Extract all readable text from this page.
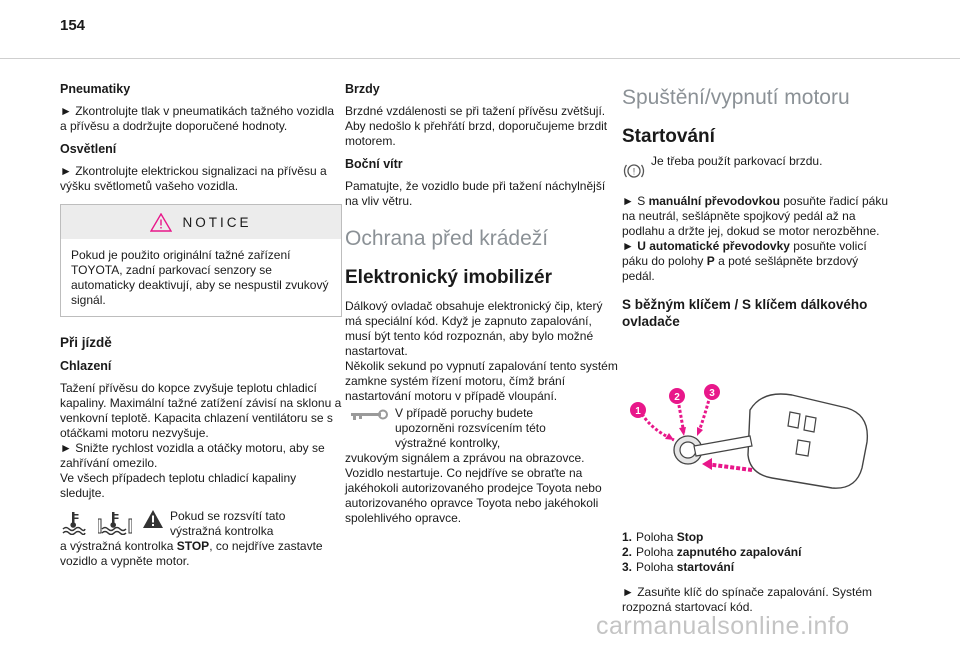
154
Pneumatiky

► Zkontrolujte tlak v pneumatikách tažného vozidla a přívěsu a dodržujte doporučené hodnoty.

Osvětlení

► Zkontrolujte elektrickou signalizaci na přívěsu a výšku světlometů vašeho vozidla.

NOTICE
Pokud je použito originální tažné zařízení TOYOTA, zadní parkovací senzory se automaticky deaktivují, aby se nespustil zvukový signál.
Při jízdě
Chlazení
Tažení přívěsu do kopce zvyšuje teplotu chladicí kapaliny. Maximální tažné zatížení závisí na sklonu a venkovní teplotě. Kapacita chlazení ventilátoru se s otáčkami motoru nezvyšuje.
► Snižte rychlost vozidla a otáčky motoru, aby se zahřívání omezilo.
Ve všech případech teplotu chladicí kapaliny sledujte.
Pokud se rozsvítí tato výstražná kontrolka
a výstražná kontrolka STOP, co nejdříve zastavte vozidlo a vypněte motor.
Brzdy

Brzdné vzdálenosti se při tažení přívěsu zvětšují. Aby nedošlo k přehřátí brzd, doporučujeme brzdit motorem.

Boční vítr

Pamatujte, že vozidlo bude při tažení náchylnější na vliv větru.

Ochrana před krádeží
Elektronický imobilizér
Dálkový ovladač obsahuje elektronický čip, který má speciální kód. Když je zapnuto zapalování, musí být tento kód rozpoznán, aby bylo možné nastartovat.
Několik sekund po vypnutí zapalování tento systém zamkne systém řízení motoru, čímž brání nastartování motoru v případě vloupání.
V případě poruchy budete upozorněni rozsvícením této výstražné kontrolky,
zvukovým signálem a zprávou na obrazovce. Vozidlo nestartuje. Co nejdříve se obraťte na jakéhokoli autorizovaného prodejce Toyota nebo autorizovaného opravce Toyota nebo jakéhokoli spolehlivého opravce.
Spuštění/vypnutí motoru
Startování
!
Je třeba použít parkovací brzdu.
► S manuální převodovkou posuňte řadicí páku na neutrál, sešlápněte spojkový pedál až na podlahu a držte jej, dokud se motor nerozběhne.
► U automatické převodovky posuňte volicí páku do polohy P a poté sešlápněte brzdový pedál.
S běžným klíčem / S klíčem dálkového ovladače
1
2	3
1. Poloha Stop
2. Poloha zapnutého zapalování
3. Poloha startování
► Zasuňte klíč do spínače zapalování. Systém rozpozná startovací kód.
carmanualsonline.info
